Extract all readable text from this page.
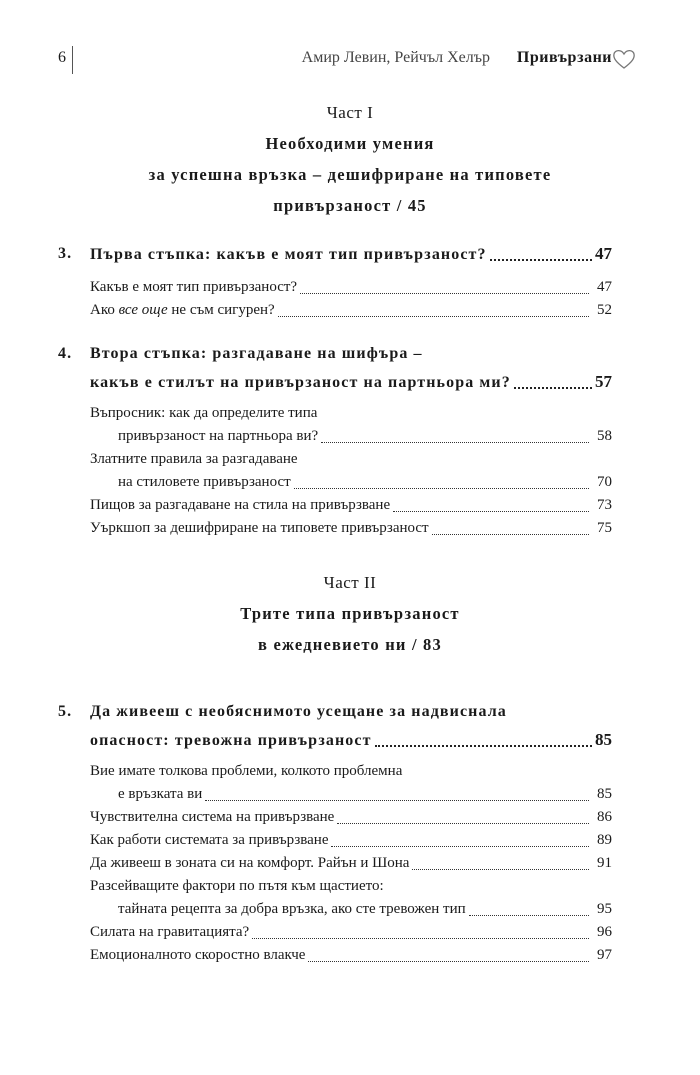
6	Амир Левин, Рейчъл Хелър	Привързани
Част I
Необходими умения
за успешна връзка – дешифриране на типовете
привързаност / 45
3. Първа стъпка: какъв е моят тип привързаност?	47
Какъв е моят тип привързаност?	47
Ако все още не съм сигурен?	52
4. Втора стъпка: разгадаване на шифъра –
какъв е стилът на привързаност на партньора ми?	57
Въпросник: как да определите типа
привързаност на партньора ви?	58
Златните правила за разгадаване
на стиловете привързаност	70
Пищов за разгадаване на стила на привързване	73
Уъркшоп за дешифриране на типовете привързаност	75
Част II
Трите типа привързаност
в ежедневието ни / 83
5. Да живееш с необяснимото усещане за надвиснала
опасност: тревожна привързаност	85
Вие имате толкова проблеми, колкото проблемна
е връзката ви	85
Чувствителна система на привързване	86
Как работи системата за привързване	89
Да живееш в зоната си на комфорт. Райън и Шона	91
Разсейващите фактори по пътя към щастието:
тайната рецепта за добра връзка, ако сте тревожен тип	95
Силата на гравитацията?	96
Емоционалното скоростно влакче	97
